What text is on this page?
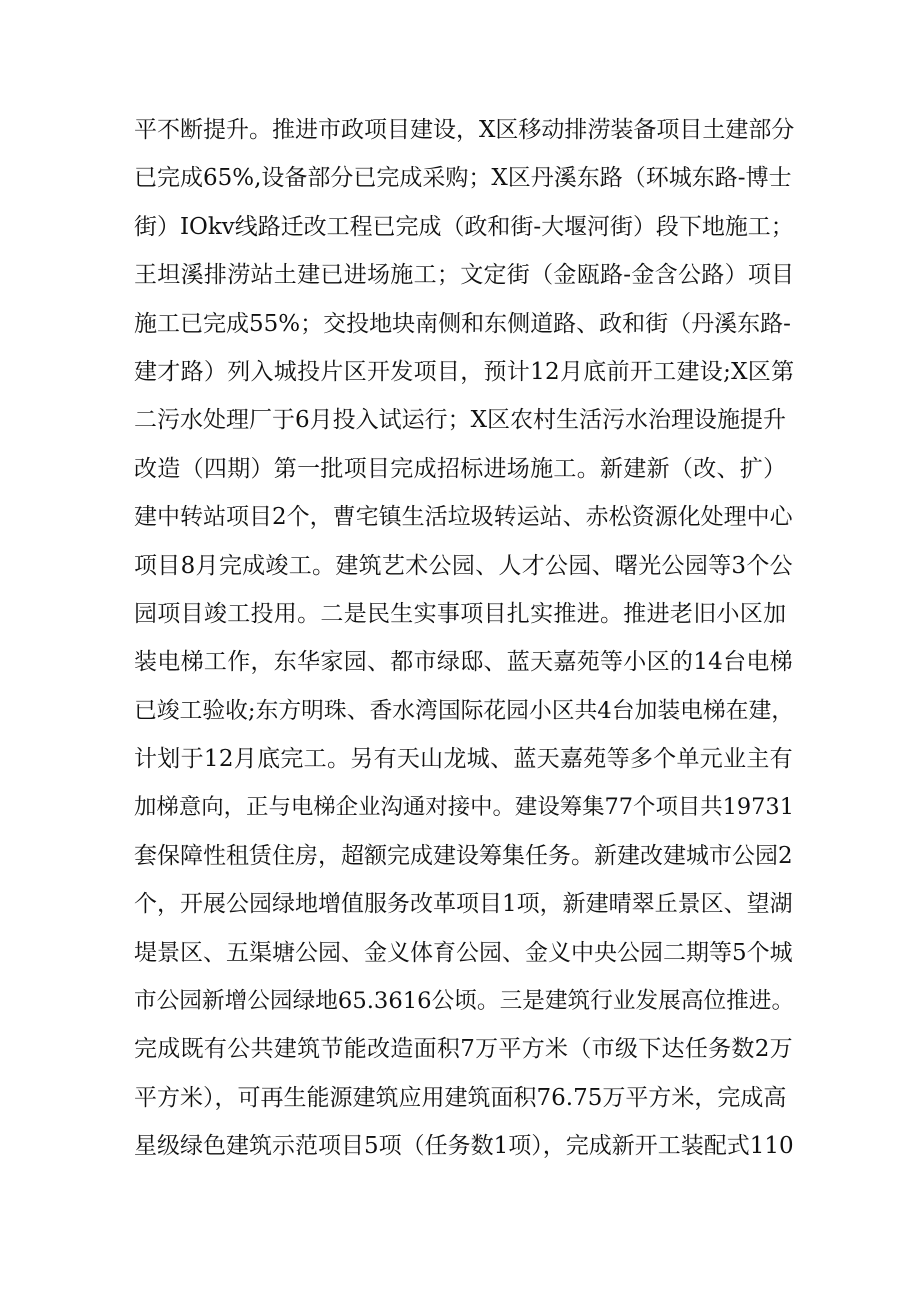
平不断提升。推进市政项目建设，X区移动排涝装备项目土建部分
已完成65%,设备部分已完成采购；X区丹溪东路（环城东路-博士
街）IOkv线路迁改工程已完成（政和街-大堰河街）段下地施工；
王坦溪排涝站土建已进场施工；文定街（金瓯路-金含公路）项目
施工已完成55%；交投地块南侧和东侧道路、政和街（丹溪东路-
建才路）列入城投片区开发项目，预计12月底前开工建设;X区第
二污水处理厂于6月投入试运行；X区农村生活污水治理设施提升
改造（四期）第一批项目完成招标进场施工。新建新（改、扩）
建中转站项目2个，曹宅镇生活垃圾转运站、赤松资源化处理中心
项目8月完成竣工。建筑艺术公园、人才公园、曙光公园等3个公
园项目竣工投用。二是民生实事项目扎实推进。推进老旧小区加
装电梯工作，东华家园、都市绿邸、蓝天嘉苑等小区的14台电梯
已竣工验收;东方明珠、香水湾国际花园小区共4台加装电梯在建，
计划于12月底完工。另有天山龙城、蓝天嘉苑等多个单元业主有
加梯意向，正与电梯企业沟通对接中。建设筹集77个项目共19731
套保障性租赁住房，超额完成建设筹集任务。新建改建城市公园2
个，开展公园绿地增值服务改革项目1项，新建晴翠丘景区、望湖
堤景区、五渠塘公园、金义体育公园、金义中央公园二期等5个城
市公园新增公园绿地65.3616公顷。三是建筑行业发展高位推进。
完成既有公共建筑节能改造面积7万平方米（市级下达任务数2万
平方米），可再生能源建筑应用建筑面积76.75万平方米，完成高
星级绿色建筑示范项目5项（任务数1项），完成新开工装配式110
